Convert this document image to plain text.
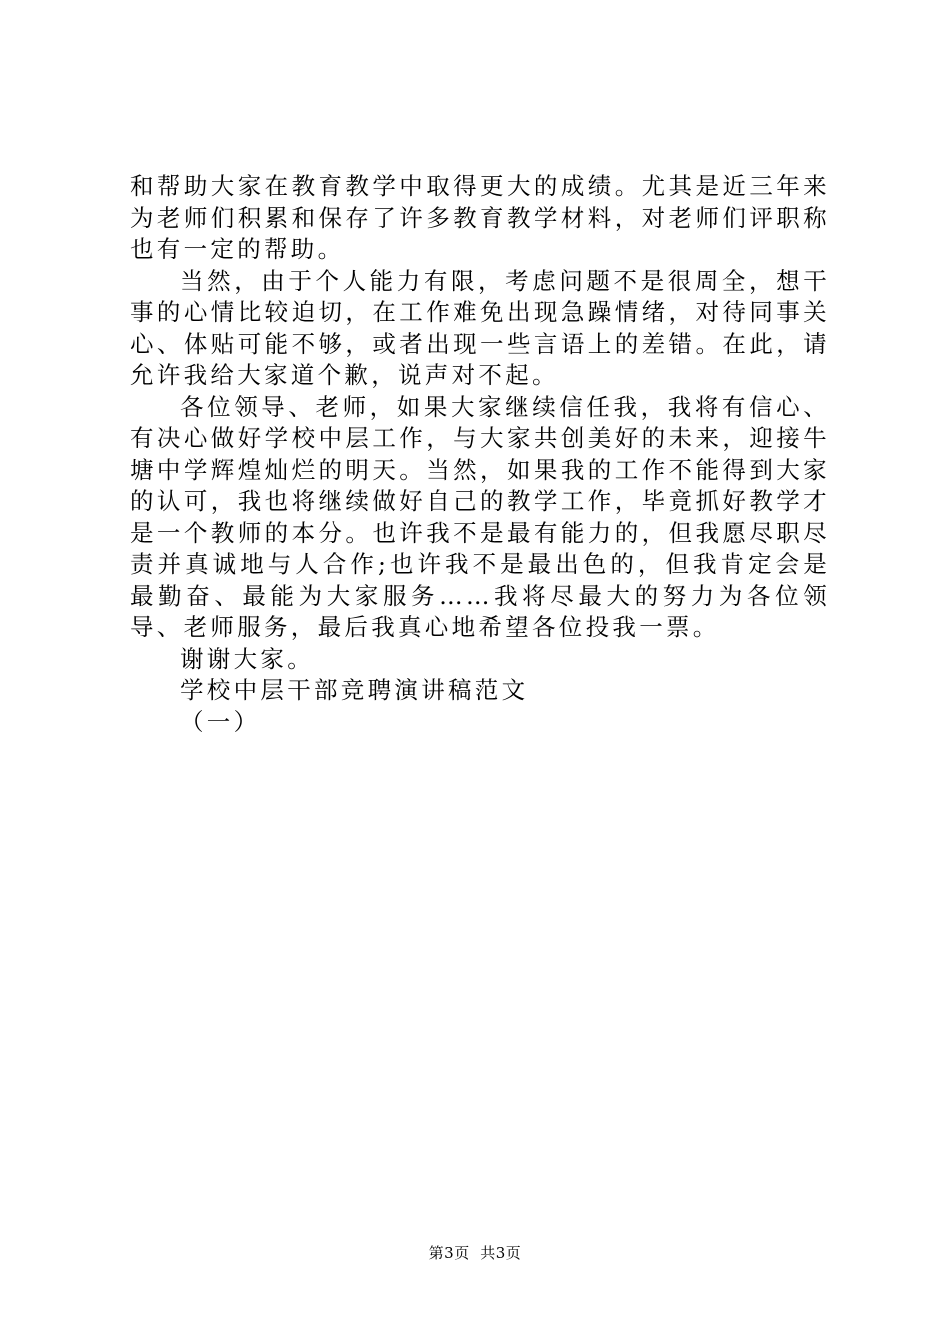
和帮助大家在教育教学中取得更大的成绩。尤其是近三年来为老师们积累和保存了许多教育教学材料，对老师们评职称也有一定的帮助。

当然，由于个人能力有限，考虑问题不是很周全，想干事的心情比较迫切，在工作难免出现急躁情绪，对待同事关心、体贴可能不够，或者出现一些言语上的差错。在此，请允许我给大家道个歉，说声对不起。

各位领导、老师，如果大家继续信任我，我将有信心、有决心做好学校中层工作，与大家共创美好的未来，迎接牛塘中学辉煌灿烂的明天。当然，如果我的工作不能得到大家的认可，我也将继续做好自己的教学工作，毕竟抓好教学才是一个教师的本分。也许我不是最有能力的，但我愿尽职尽责并真诚地与人合作;也许我不是最出色的，但我肯定会是最勤奋、最能为大家服务……我将尽最大的努力为各位领导、老师服务，最后我真心地希望各位投我一票。

谢谢大家。

学校中层干部竞聘演讲稿范文

（一）

第3页 共3页
